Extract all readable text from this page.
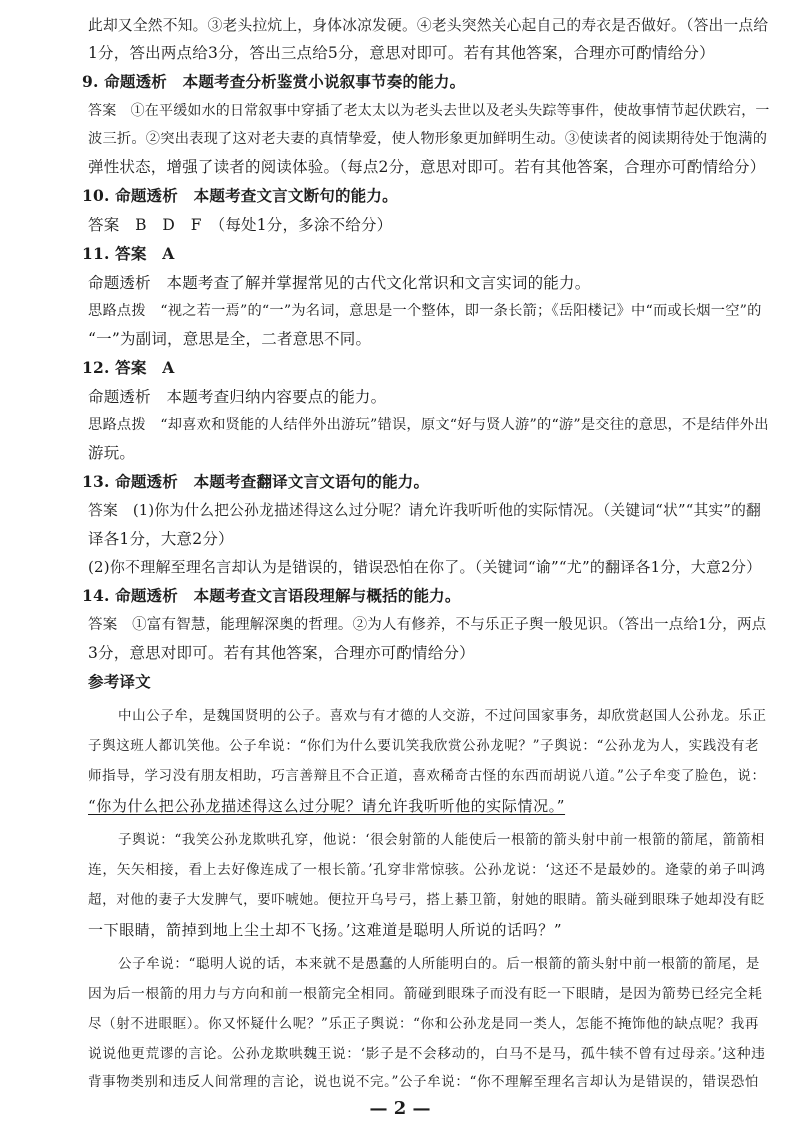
此却又全然不知。③老头拉炕上，身体冰凉发硬。④老头突然关心起自己的寿衣是否做好。（答出一点给
1分，答出两点给3分，答出三点给5分，意思对即可。若有其他答案，合理亦可酌情给分）
9. 命题透析　本题考查分析鉴赏小说叙事节奏的能力。
答案　①在平缓如水的日常叙事中穿插了老太太以为老头去世以及老头失踪等事件，使故事情节起伏跌宕，一
波三折。②突出表现了这对老夫妻的真情挚爱，使人物形象更加鲜明生动。③使读者的阅读期待处于饱满的
弹性状态，增强了读者的阅读体验。（每点2分，意思对即可。若有其他答案，合理亦可酌情给分）
10. 命题透析　本题考查文言文断句的能力。
答案　B　D　F　（每处1分，多涂不给分）
11. 答案　A
命题透析　本题考查了解并掌握常见的古代文化常识和文言实词的能力。
思路点拨　“视之若一焉”的“一”为名词，意思是一个整体，即一条长箭；《岳阳楼记》中“而或长烟一空”的
“一”为副词，意思是全，二者意思不同。
12. 答案　A
命题透析　本题考查归纳内容要点的能力。
思路点拨　“却喜欢和贤能的人结伴外出游玩”错误，原文“好与贤人游”的“游”是交往的意思，不是结伴外出
游玩。
13. 命题透析　本题考查翻译文言文语句的能力。
答案　(1)你为什么把公孙龙描述得这么过分呢？请允许我听听他的实际情况。（关键词“状”“其实”的翻
译各1分，大意2分）
(2)你不理解至理名言却认为是错误的，错误恐怕在你了。（关键词“谕”“尤”的翻译各1分，大意2分）
14. 命题透析　本题考查文言语段理解与概括的能力。
答案　①富有智慧，能理解深奥的哲理。②为人有修养，不与乐正子舆一般见识。（答出一点给1分，两点
3分，意思对即可。若有其他答案，合理亦可酌情给分）
参考译文
中山公子牟，是魏国贤明的公子。喜欢与有才德的人交游，不过问国家事务，却欣赏赵国人公孙龙。乐正
子舆这班人都讥笑他。公子牟说：“你们为什么要讥笑我欣赏公孙龙呢？”子舆说：“公孙龙为人，实践没有老
师指导，学习没有朋友相助，巧言善辩且不合正道，喜欢稀奇古怪的东西而胡说八道。”公子牟变了脸色，说：
“你为什么把公孙龙描述得这么过分呢？请允许我听听他的实际情况。”
子舆说：“我笑公孙龙欺哄孔穿，他说：‘很会射箭的人能使后一根箭的箭头射中前一根箭的箭尾，箭箭相
连，矢矢相接，看上去好像连成了一根长箭。’孔穿非常惊骇。公孙龙说：‘这还不是最妙的。逄蒙的弟子叫鸿
超，对他的妻子大发脾气，要吓唬她。便拉开乌号弓，搭上綦卫箭，射她的眼睛。箭头碰到眼珠子她却没有眨
一下眼睛，箭掉到地上尘土却不飞扬。’这难道是聪明人所说的话吗？”
公子牟说：“聪明人说的话，本来就不是愚蠢的人所能明白的。后一根箭的箭头射中前一根箭的箭尾，是
因为后一根箭的用力与方向和前一根箭完全相同。箭碰到眼珠子而没有眨一下眼睛，是因为箭势已经完全耗
尽（射不进眼眶）。你又怀疑什么呢？”乐正子舆说：“你和公孙龙是同一类人，怎能不掩饰他的缺点呢？我再
说说他更荒谬的言论。公孙龙欺哄魏王说：‘影子是不会移动的，白马不是马，孤牛犊不曾有过母亲。’这种违
背事物类别和违反人间常理的言论，说也说不完。”公子牟说：“你不理解至理名言却认为是错误的，错误恐怕
— 2 —
